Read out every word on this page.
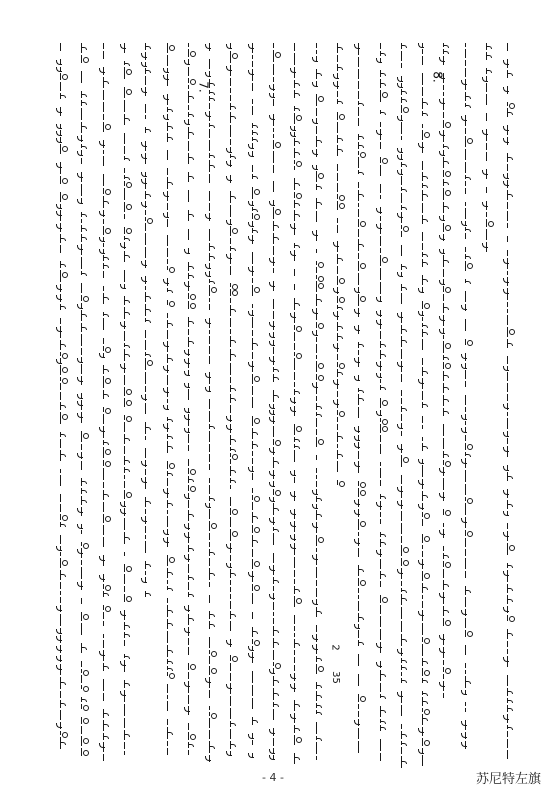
8.
7.
2
35
- 4 -	苏尼特左旗
